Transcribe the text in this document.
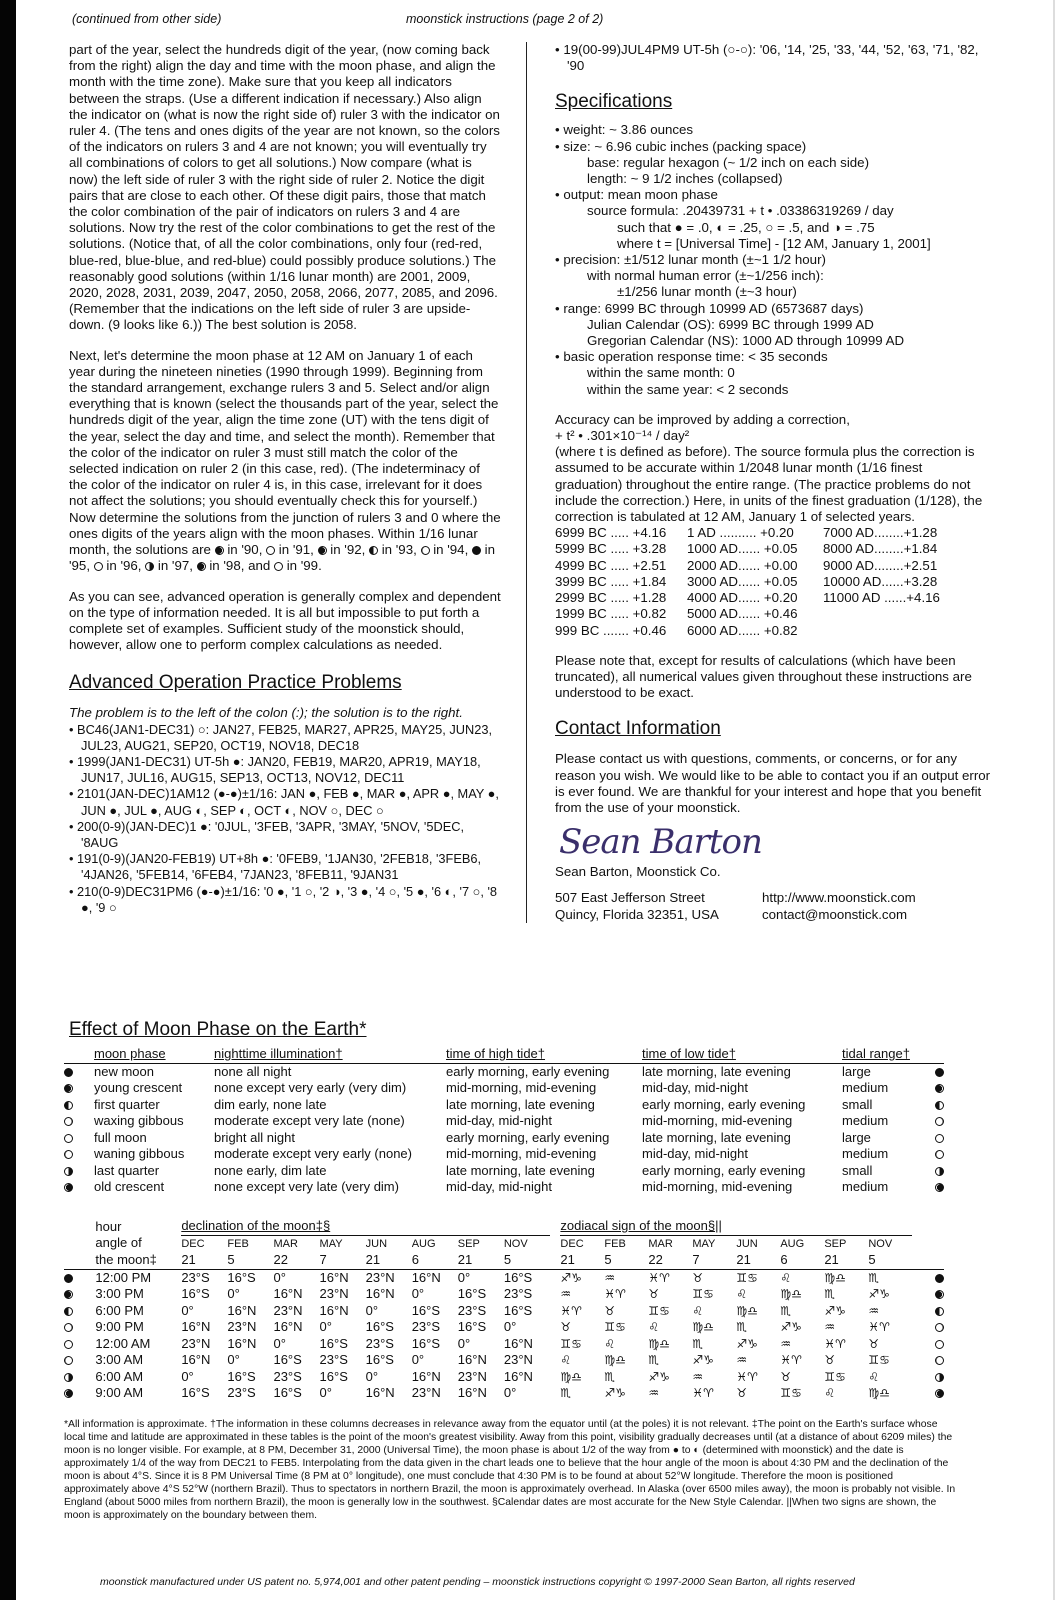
(continued from other side)	moonstick instructions (page 2 of 2)

part of the year, select the hundreds digit of the year, (now coming back from the right) align the day and time with the moon phase, and align the month with the time zone). Make sure that you keep all indicators between the straps. (Use a different indication if necessary.) Also align the indicator on (what is now the right side of) ruler 3 with the indicator on ruler 4. (The tens and ones digits of the year are not known, so the colors of the indicators on rulers 3 and 4 are not known; you will eventually try all combinations of colors to get all solutions.) Now compare (what is now) the left side of ruler 3 with the right side of ruler 2. Notice the digit pairs that are close to each other. Of these digit pairs, those that match the color combination of the pair of indicators on rulers 3 and 4 are solutions. Now try the rest of the color combinations to get the rest of the solutions. (Notice that, of all the color combinations, only four (red-red, blue-red, blue-blue, and red-blue) could possibly produce solutions.) The reasonably good solutions (within 1/16 lunar month) are 2001, 2009, 2020, 2028, 2031, 2039, 2047, 2050, 2058, 2066, 2077, 2085, and 2096. (Remember that the indications on the left side of ruler 3 are upside-down. (9 looks like 6.)) The best solution is 2058.

Next, let's determine the moon phase at 12 AM on January 1 of each year during the nineteen nineties (1990 through 1999). Beginning from the standard arrangement, exchange rulers 3 and 5. Select and/or align everything that is known (select the thousands part of the year, select the hundreds digit of the year, align the time zone (UT) with the tens digit of the year, select the day and time, and select the month). Remember that the color of the indicator on ruler 3 must still match the color of the selected indication on ruler 2 (in this case, red). (The indeterminacy of the color of the indicator on ruler 4 is, in this case, irrelevant for it does not affect the solutions; you should eventually check this for yourself.) Now determine the solutions from the junction of rulers 3 and 0 where the ones digits of the years align with the moon phases. Within 1/16 lunar month, the solutions are  in '90,  in '91,  in '92,  in '93,  in '94,  in '95,  in '96,  in '97,  in '98, and  in '99.

As you can see, advanced operation is generally complex and dependent on the type of information needed. It is all but impossible to put forth a complete set of examples. Sufficient study of the moonstick should, however, allow one to perform complex calculations as needed.

Advanced Operation Practice Problems
The problem is to the left of the colon (:); the solution is to the right.
• BC46(JAN1-DEC31) ○: JAN27, FEB25, MAR27, APR25, MAY25, JUN23, JUL23, AUG21, SEP20, OCT19, NOV18, DEC18
• 1999(JAN1-DEC31) UT-5h ●: JAN20, FEB19, MAR20, APR19, MAY18, JUN17, JUL16, AUG15, SEP13, OCT13, NOV12, DEC11
• 2101(JAN-DEC)1AM12 (●-●)±1/16: JAN ●, FEB ●, MAR ●, APR ●, MAY ●, JUN ●, JUL ●, AUG ◐, SEP ◐, OCT ◐, NOV ○, DEC ○
• 200(0-9)(JAN-DEC)1 ●: '0JUL, '3FEB, '3APR, '3MAY, '5NOV, '5DEC, '8AUG
• 191(0-9)(JAN20-FEB19) UT+8h ●: '0FEB9, '1JAN30, '2FEB18, '3FEB6, '4JAN26, '5FEB14, '6FEB4, '7JAN23, '8FEB11, '9JAN31
• 210(0-9)DEC31PM6 (●-●)±1/16: '0 ●, '1 ○, '2 ◑, '3 ●, '4 ○, '5 ●, '6 ◐, '7 ○, '8 ●, '9 ○
• 19(00-99)JUL4PM9 UT-5h (○-○): '06, '14, '25, '33, '44, '52, '63, '71, '82, '90
Specifications
• weight: ~ 3.86 ounces
• size: ~ 6.96 cubic inches (packing space)
base: regular hexagon (~ 1/2 inch on each side)
length: ~ 9 1/2 inches (collapsed)
• output: mean moon phase
source formula: .20439731 + t • .03386319269 / day
such that ● = .0, ◐ = .25, ○ = .5, and ◑ = .75
where t = [Universal Time] - [12 AM, January 1, 2001]
• precision: ±1/512 lunar month (±~1 1/2 hour)
with normal human error (±~1/256 inch):
±1/256 lunar month (±~3 hour)
• range: 6999 BC through 10999 AD (6573687 days)
Julian Calendar (OS): 6999 BC through 1999 AD
Gregorian Calendar (NS): 1000 AD through 10999 AD
• basic operation response time: < 35 seconds
within the same month: 0
within the same year: < 2 seconds
Accuracy can be improved by adding a correction,
+ t² • .301×10⁻¹⁴ / day²
(where t is defined as before). The source formula plus the correction is assumed to be accurate within 1/2048 lunar month (1/16 finest graduation) throughout the entire range. (The practice problems do not include the correction.) Here, in units of the finest graduation (1/128), the correction is tabulated at 12 AM, January 1 of selected years.
6999 BC ..... +4.16	1 AD .......... +0.20	7000 AD........+1.28
5999 BC ..... +3.28	1000 AD...... +0.05	8000 AD........+1.84
4999 BC ..... +2.51	2000 AD...... +0.00	9000 AD........+2.51
3999 BC ..... +1.84	3000 AD...... +0.05	10000 AD......+3.28
2999 BC ..... +1.28	4000 AD...... +0.20	11000 AD ......+4.16
1999 BC ..... +0.82	5000 AD...... +0.46
999 BC ....... +0.46	6000 AD...... +0.82

Please note that, except for results of calculations (which have been truncated), all numerical values given throughout these instructions are understood to be exact.

Contact Information

Please contact us with questions, comments, or concerns, or for any reason you wish. We would like to be able to contact you if an output error is ever found. We are thankful for your interest and hope that you benefit from the use of your moonstick.

Sean Barton
Sean Barton, Moonstick Co.
507 East Jefferson Street	http://www.moonstick.com
Quincy, Florida 32351, USA	contact@moonstick.com
Effect of Moon Phase on the Earth*
	moon phase	nighttime illumination†	time of high tide†	time of low tide†	tidal range†	
	new moon	none all night	early morning, early evening	late morning, late evening	large	
	young crescent	none except very early (very dim)	mid-morning, mid-evening	mid-day, mid-night	medium	
	first quarter	dim early, none late	late morning, late evening	early morning, early evening	small	
	waxing gibbous	moderate except very late (none)	mid-day, mid-night	mid-morning, mid-evening	medium	
	full moon	bright all night	early morning, early evening	late morning, late evening	large	
	waning gibbous	moderate except very early (none)	mid-morning, mid-evening	mid-day, mid-night	medium	
	last quarter	none early, dim late	late morning, late evening	early morning, early evening	small	
	old crescent	none except very late (very dim)	mid-day, mid-night	mid-morning, mid-evening	medium	
	hour	declination of the moon‡§									zodiacal sign of the moon§||								
	angle of	DEC	FEB	MAR	MAY	JUN	AUG	SEP	NOV		DEC	FEB	MAR	MAY	JUN	AUG	SEP	NOV	
	the moon‡	21	5	22	7	21	6	21	5		21	5	22	7	21	6	21	5	
	12:00 PM	23°S	16°S	0°	16°N	23°N	16°N	0°	16°S		♐♑	♒	♓♈	♉	♊♋	♌	♍♎	♏	
	3:00 PM	16°S	0°	16°N	23°N	16°N	0°	16°S	23°S		♒	♓♈	♉	♊♋	♌	♍♎	♏	♐♑	
	6:00 PM	0°	16°N	23°N	16°N	0°	16°S	23°S	16°S		♓♈	♉	♊♋	♌	♍♎	♏	♐♑	♒	
	9:00 PM	16°N	23°N	16°N	0°	16°S	23°S	16°S	0°		♉	♊♋	♌	♍♎	♏	♐♑	♒	♓♈	
	12:00 AM	23°N	16°N	0°	16°S	23°S	16°S	0°	16°N		♊♋	♌	♍♎	♏	♐♑	♒	♓♈	♉	
	3:00 AM	16°N	0°	16°S	23°S	16°S	0°	16°N	23°N		♌	♍♎	♏	♐♑	♒	♓♈	♉	♊♋	
	6:00 AM	0°	16°S	23°S	16°S	0°	16°N	23°N	16°N		♍♎	♏	♐♑	♒	♓♈	♉	♊♋	♌	
	9:00 AM	16°S	23°S	16°S	0°	16°N	23°N	16°N	0°		♏	♐♑	♒	♓♈	♉	♊♋	♌	♍♎	
*All information is approximate. †The information in these columns decreases in relevance away from the equator until (at the poles) it is not relevant. ‡The point on the Earth's surface whose local time and latitude are approximated in these tables is the point of the moon's greatest visibility. Away from this point, visibility gradually decreases until (at a distance of about 6209 miles) the moon is no longer visible. For example, at 8 PM, December 31, 2000 (Universal Time), the moon phase is about 1/2 of the way from ● to ◐ (determined with moonstick) and the date is approximately 1/4 of the way from DEC21 to FEB5. Interpolating from the data given in the chart leads one to believe that the hour angle of the moon is about 4:30 PM and the declination of the moon is about 4°S. Since it is 8 PM Universal Time (8 PM at 0° longitude), one must conclude that 4:30 PM is to be found at about 52°W longitude. Therefore the moon is positioned approximately above 4°S 52°W (northern Brazil). Thus to spectators in northern Brazil, the moon is approximately overhead. In Alaska (over 6500 miles away), the moon is probably not visible. In England (about 5000 miles from northern Brazil), the moon is generally low in the southwest. §Calendar dates are most accurate for the New Style Calendar. ||When two signs are shown, the moon is approximately on the boundary between them.
moonstick manufactured under US patent no. 5,974,001 and other patent pending – moonstick instructions copyright © 1997-2000 Sean Barton, all rights reserved
